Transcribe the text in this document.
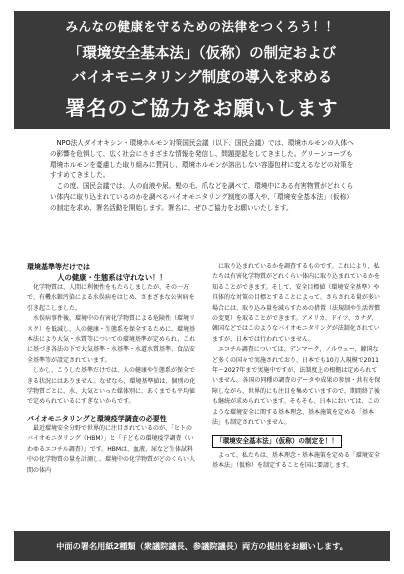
みんなの健康を守るための法律をつくろう！！
「環境安全基本法」（仮称）の制定および
バイオモニタリング制度の導入を求める
署名のご協力をお願いします

NPO法人ダイオキシン・環境ホルモン対策国民会議（以下、国民会議）では、環境ホルモンの人体への影響を危惧して、広く社会にさまざまな情報を発信し、問題提起をしてきました。グリーンコープも環境ホルモンを憂慮した取り組みに賛同し、環境ホルモンが溶出しない容器包材に変えるなどの対策をすすめてきました。

この度、国民会議では、人の血液や尿、髪の毛、爪などを調べて、環境中にある有害物質がどれくらい体内に取り込まれているのかを調べるバイオモニタリング制度の導入や、「環境安全基本法」（仮称）の制定を求め、署名活動を開始します。署名に、ぜひご協力をお願いいたします。

環境基準等だけでは
人の健康・生態系は守れない！！

化学物質は、人間に利便性をもたらしましたが、その一方で、有機水銀汚染による水俣病をはじめ、さまざまな公害病を引き起こしました。

水俣病事件後、環境中の有害化学物質による危険性（環境リスク）を低減し、人の健康・生態系を保全するために、環境基本法により大気・水質等についての環境基準が定められ、これに基づき各法の下で大気基準・水基準・水道水質基準、食品安全基準等が設定されています。

しかし、こうした基準だけでは、人の健康や生態系が保全できる状況にはありません。なぜなら、環境基準値は、個別の化学物質ごとに、水、大気といった媒体別に、あくまでも平均値で定められているにすぎないからです。

バイオモニタリングと環境疫学調査の必要性

最近環境安全分野で世界的に注目されているのが、「ヒトのバイオモニタリング（HBM）」と「子どもの環境疫学調査（いわゆるエコチル調査）」です。HBMは、血液、尿など生体試料中の化学物質の量を計測し、環境中の化学物質がどのくらい人間の体内

に取り込まれているかを調査するものです。これにより、私たちは有害化学物質がどれくらい体内に取り込まれているかを知ることができます。そして、安全目標値（環境安全基準）や具体的な対策の目標とすることによって、さらされる量が多い場合には、取り込み量を減らすための措置（法規制や生活習慣の変更）を取ることができます。アメリカ、ドイツ、カナダ、韓国などではこのようなバイオモニタリングが法制化されていますが、日本では行われていません。

エコチル調査については、デンマーク、ノルウェー、韓国など多くの国々で実施されており、日本でも10万人規模で2011年～2027年まで実施中ですが、法制度上の根拠は定められていません。各国の同種の調査のデータや成果の参加・共有を保障しながら、世界的にも注目を集めていますので、期間終了後も継続が求められています。そもそも、日本においては、このような環境安全に関する基本理念、基本施策を定める「基本法」も制定されていません。

「環境安全基本法」（仮称）の制定を！！

よって、私たちは、基本理念・基本施策を定める「環境安全基本法」（仮称）を制定することを国に要請します。

中面の署名用紙2種類（衆議院議長、参議院議長）両方の提出をお願いします。
